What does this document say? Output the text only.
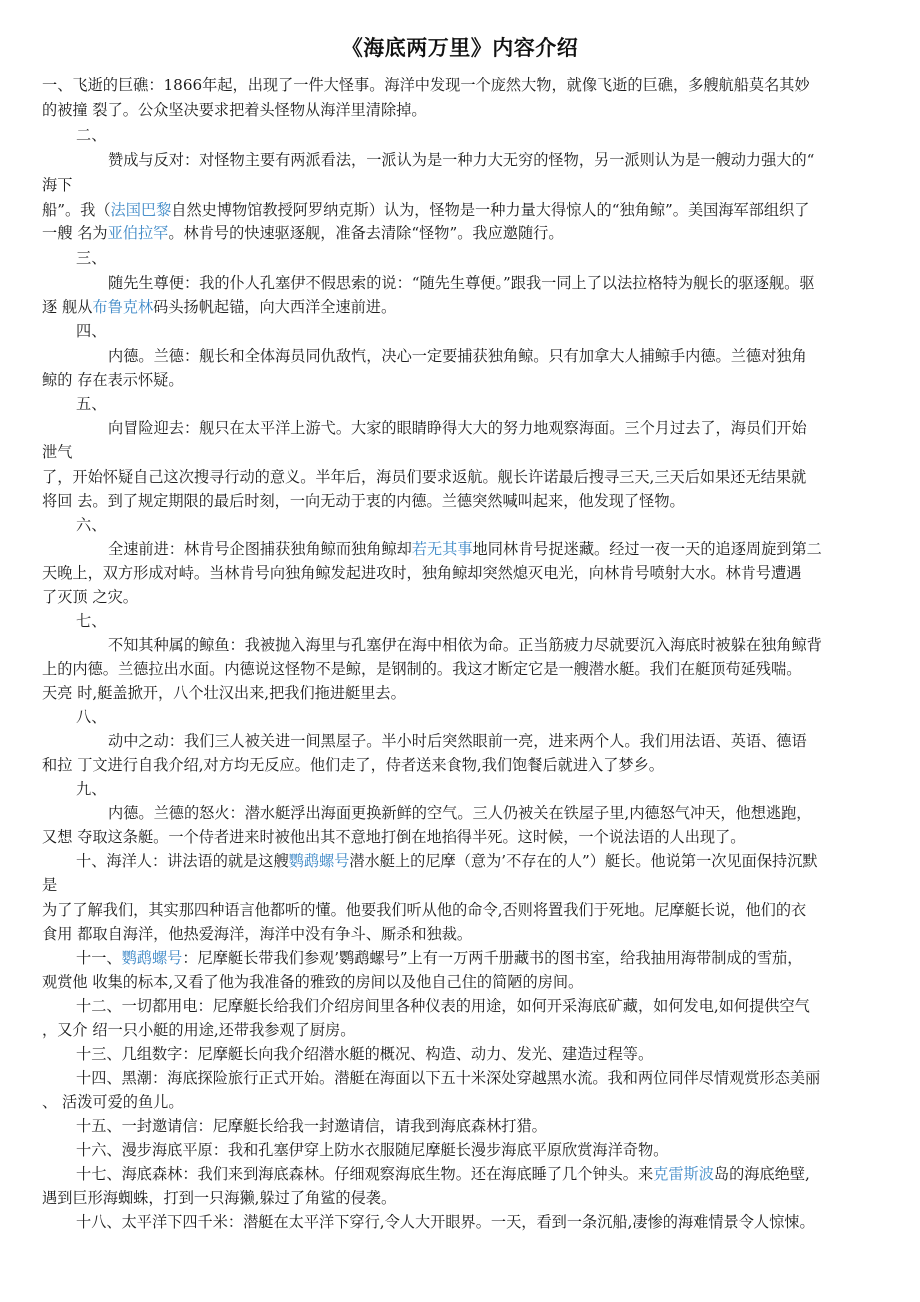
《海底两万里》内容介绍
一、飞逝的巨礁：1866年起，出现了一件大怪事。海洋中发现一个庞然大物，就像飞逝的巨礁，多艘航船莫名其妙
的被撞 裂了。公众坚决要求把着头怪物从海洋里清除掉。
二、
赞成与反对：对怪物主要有两派看法，一派认为是一种力大无穷的怪物，另一派则认为是一艘动力强大的“
海下
船”。我（法国巴黎自然史博物馆教授阿罗纳克斯）认为，怪物是一种力量大得惊人的“独角鲸”。美国海军部组织了
一艘 名为亚伯拉罕。林肯号的快速驱逐舰，准备去清除“怪物”。我应邀随行。
三、
随先生尊便：我的仆人孔塞伊不假思索的说：“随先生尊便。”跟我一同上了以法拉格特为舰长的驱逐舰。驱
逐 舰从布鲁克林码头扬帆起锚，向大西洋全速前进。
四、
内德。兰德：舰长和全体海员同仇敌忾，决心一定要捕获独角鲸。只有加拿大人捕鲸手内德。兰德对独角
鲸的 存在表示怀疑。
五、
向冒险迎去：舰只在太平洋上游弋。大家的眼睛睁得大大的努力地观察海面。三个月过去了，海员们开始
泄气
了，开始怀疑自己这次搜寻行动的意义。半年后，海员们要求返航。舰长许诺最后搜寻三天,三天后如果还无结果就
将回 去。到了规定期限的最后时刻，一向无动于衷的内德。兰德突然喊叫起来，他发现了怪物。
六、
全速前进：林肯号企图捕获独角鲸而独角鲸却若无其事地同林肯号捉迷藏。经过一夜一天的追逐周旋到第二
天晚上，双方形成对峙。当林肯号向独角鲸发起进攻时，独角鲸却突然熄灭电光，向林肯号喷射大水。林肯号遭遇
了灭顶 之灾。
七、
不知其种属的鲸鱼：我被抛入海里与孔塞伊在海中相依为命。正当筋疲力尽就要沉入海底时被躲在独角鲸背
上的内德。兰德拉出水面。内德说这怪物不是鲸，是钢制的。我这才断定它是一艘潜水艇。我们在艇顶苟延残喘。
天亮 时,艇盖掀开，八个壮汉出来,把我们拖进艇里去。
八、
动中之动：我们三人被关进一间黑屋子。半小时后突然眼前一亮，进来两个人。我们用法语、英语、德语
和拉 丁文进行自我介绍,对方均无反应。他们走了，侍者送来食物,我们饱餐后就进入了梦乡。
九、
内德。兰德的怒火：潜水艇浮出海面更换新鲜的空气。三人仍被关在铁屋子里,内德怒气冲天，他想逃跑，
又想 夺取这条艇。一个侍者进来时被他出其不意地打倒在地掐得半死。这时候，一个说法语的人出现了。
十、海洋人：讲法语的就是这艘鹦鹉螺号潜水艇上的尼摩（意为’不存在的人”）艇长。他说第一次见面保持沉默
是
为了了解我们，其实那四种语言他都听的懂。他要我们听从他的命令,否则将置我们于死地。尼摩艇长说，他们的衣
食用 都取自海洋，他热爱海洋，海洋中没有争斗、厮杀和独裁。
十一、鹦鹉螺号：尼摩艇长带我们参观’鹦鹉螺号”上有一万两千册藏书的图书室，给我抽用海带制成的雪茄，
观赏他 收集的标本,又看了他为我准备的雅致的房间以及他自己住的简陋的房间。
十二、一切都用电：尼摩艇长给我们介绍房间里各种仪表的用途，如何开采海底矿藏，如何发电,如何提供空气
，又介 绍一只小艇的用途,还带我参观了厨房。
十三、几组数字：尼摩艇长向我介绍潜水艇的概况、构造、动力、发光、建造过程等。
十四、黑潮：海底探险旅行正式开始。潜艇在海面以下五十米深处穿越黑水流。我和两位同伴尽情观赏形态美丽
、 活泼可爱的鱼儿。
十五、一封邀请信：尼摩艇长给我一封邀请信，请我到海底森林打猎。
十六、漫步海底平原：我和孔塞伊穿上防水衣服随尼摩艇长漫步海底平原欣赏海洋奇物。
十七、海底森林：我们来到海底森林。仔细观察海底生物。还在海底睡了几个钟头。来克雷斯波岛的海底绝壁,
遇到巨形海蜘蛛，打到一只海獭,躲过了角鲨的侵袭。
十八、太平洋下四千米：潜艇在太平洋下穿行,令人大开眼界。一天，看到一条沉船,凄惨的海难情景令人惊悚。
